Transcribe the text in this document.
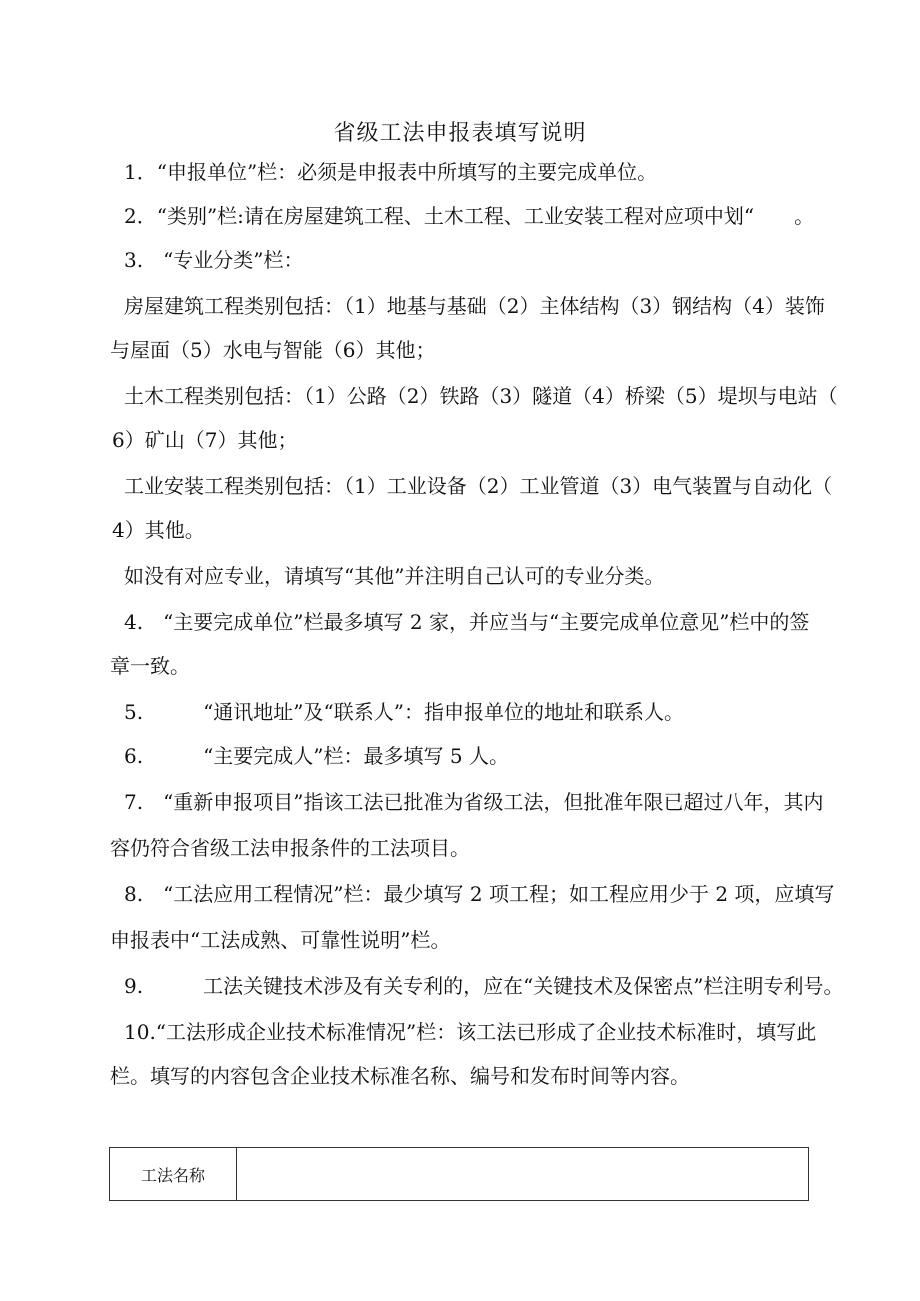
省级工法申报表填写说明
1．“申报单位”栏：必须是申报表中所填写的主要完成单位。
2．“类别”栏:请在房屋建筑工程、土木工程、工业安装工程对应项中划“　　。
3.　“专业分类”栏：
房屋建筑工程类别包括：（1）地基与基础（2）主体结构（3）钢结构（4）装饰
与屋面（5）水电与智能（6）其他；
土木工程类别包括：（1）公路（2）铁路（3）隧道（4）桥梁（5）堤坝与电站（
6）矿山（7）其他；
工业安装工程类别包括：（1）工业设备（2）工业管道（3）电气装置与自动化（
4）其他。
如没有对应专业，请填写“其他”并注明自己认可的专业分类。
4.　“主要完成单位”栏最多填写 2 家，并应当与“主要完成单位意见”栏中的签
章一致。
5.　　　“通讯地址”及“联系人”：指申报单位的地址和联系人。
6.　　　“主要完成人”栏：最多填写 5 人。
7.　“重新申报项目”指该工法已批准为省级工法，但批准年限已超过八年，其内
容仍符合省级工法申报条件的工法项目。
8.　“工法应用工程情况”栏：最少填写 2 项工程；如工程应用少于 2 项，应填写
申报表中“工法成熟、可靠性说明”栏。
9.　　　工法关键技术涉及有关专利的，应在“关键技术及保密点”栏注明专利号。
10.“工法形成企业技术标准情况”栏：该工法已形成了企业技术标准时，填写此
栏。填写的内容包含企业技术标准名称、编号和发布时间等内容。
工法名称
